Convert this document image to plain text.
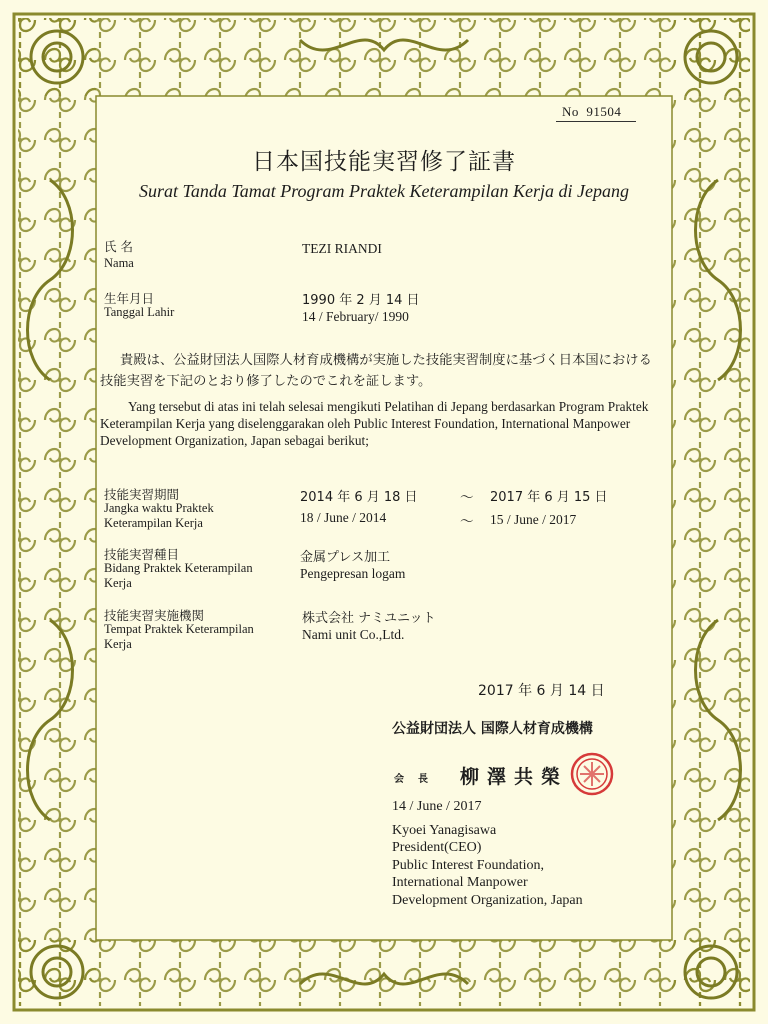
No 91504
日本国技能実習修了証書
Surat Tanda Tamat Program Praktek Keterampilan Kerja di Jepang
氏 名
Nama
TEZI RIANDI
生年月日
Tanggal Lahir
1990 年 2 月 14 日
14 / February/ 1990
貴殿は、公益財団法人国際人材育成機構が実施した技能実習制度に基づく日本国における技能実習を下記のとおり修了したのでこれを証します。
Yang tersebut di atas ini telah selesai mengikuti Pelatihan di Jepang berdasarkan Program Praktek Keterampilan Kerja yang diselenggarakan oleh Public Interest Foundation, International Manpower Development Organization, Japan sebagai berikut;
技能実習期間
Jangka waktu Praktek Keterampilan Kerja
2014 年 6 月 18 日	～ 2017 年 6 月 15 日
18 / June / 2014	～ 15 / June / 2017
技能実習種目
Bidang Praktek Keterampilan Kerja
金属プレス加工
Pengepresan logam
技能実習実施機関
Tempat Praktek Keterampilan Kerja
株式会社 ナミユニット
Nami unit Co.,Ltd.
2017 年 6 月 14 日
公益財団法人 国際人材育成機構
会長 柳澤共榮
14 / June / 2017
Kyoei Yanagisawa
President(CEO)
Public Interest Foundation,
International Manpower
Development Organization, Japan
